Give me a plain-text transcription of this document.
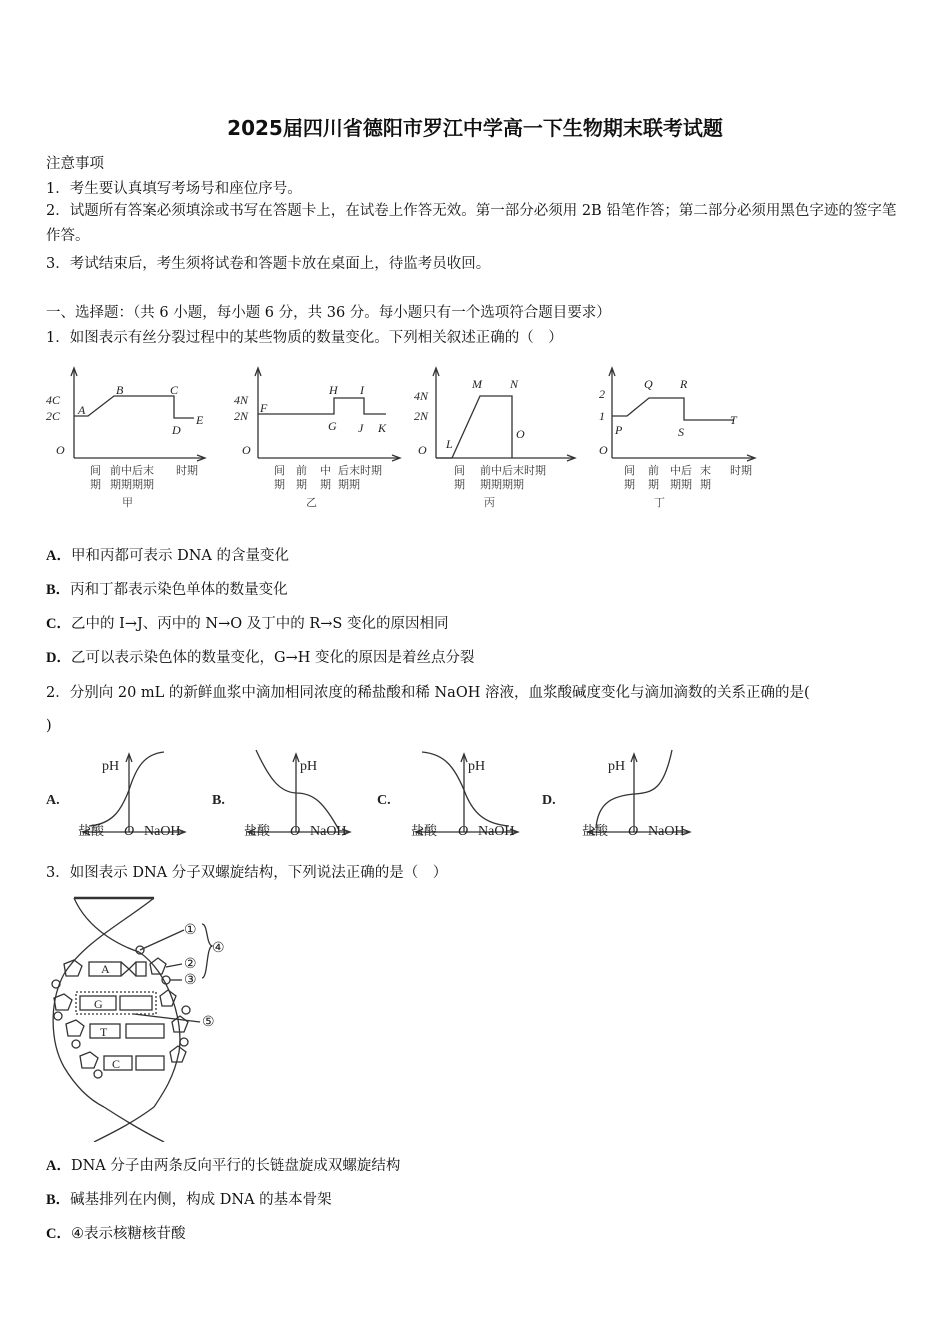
2025届四川省德阳市罗江中学高一下生物期末联考试题
注意事项
1．考生要认真填写考场号和座位序号。
2．试题所有答案必须填涂或书写在答题卡上，在试卷上作答无效。第一部分必须用 2B 铅笔作答；第二部分必须用黑色字迹的签字笔作答。
3．考试结束后，考生须将试卷和答题卡放在桌面上，待监考员收回。
一、选择题：（共 6 小题，每小题 6 分，共 36 分。每小题只有一个选项符合题目要求）
1．如图表示有丝分裂过程中的某些物质的数量变化。下列相关叙述正确的（　）
4C
2C
O
A
B	C
D
E
4N
2N
O
F
G
H I
J K
4N
2N
O L
M N
O
2
1
O
P
Q R
S
T
间
期
前中后末
期期期期
时期	间
期
前
期
中
期
后末时期
期期
间
期
前中后末时期
期期期期
间
期
前
期
中后
期期
末
期
时期
甲	乙	丙	丁
A．甲和丙都可表示 DNA 的含量变化
B．丙和丁都表示染色单体的数量变化
C．乙中的 I→J、丙中的 N→O 及丁中的 R→S 变化的原因相同
D．乙可以表示染色体的数量变化，G→H 变化的原因是着丝点分裂
2．分别向 20 mL 的新鲜血浆中滴加相同浓度的稀盐酸和稀 NaOH 溶液，血浆酸碱度变化与滴加滴数的关系正确的是(
)
A.	B.	C.	D.
pH	pH	pH	pH
盐酸 O NaOH	盐酸 O NaOH	盐酸 O NaOH	盐酸 O NaOH
3．如图表示 DNA 分子双螺旋结构，下列说法正确的是（　）
A
G
T
C
①
②
③
④
⑤
A．DNA 分子由两条反向平行的长链盘旋成双螺旋结构
B．碱基排列在内侧，构成 DNA 的基本骨架
C．④表示核糖核苷酸
